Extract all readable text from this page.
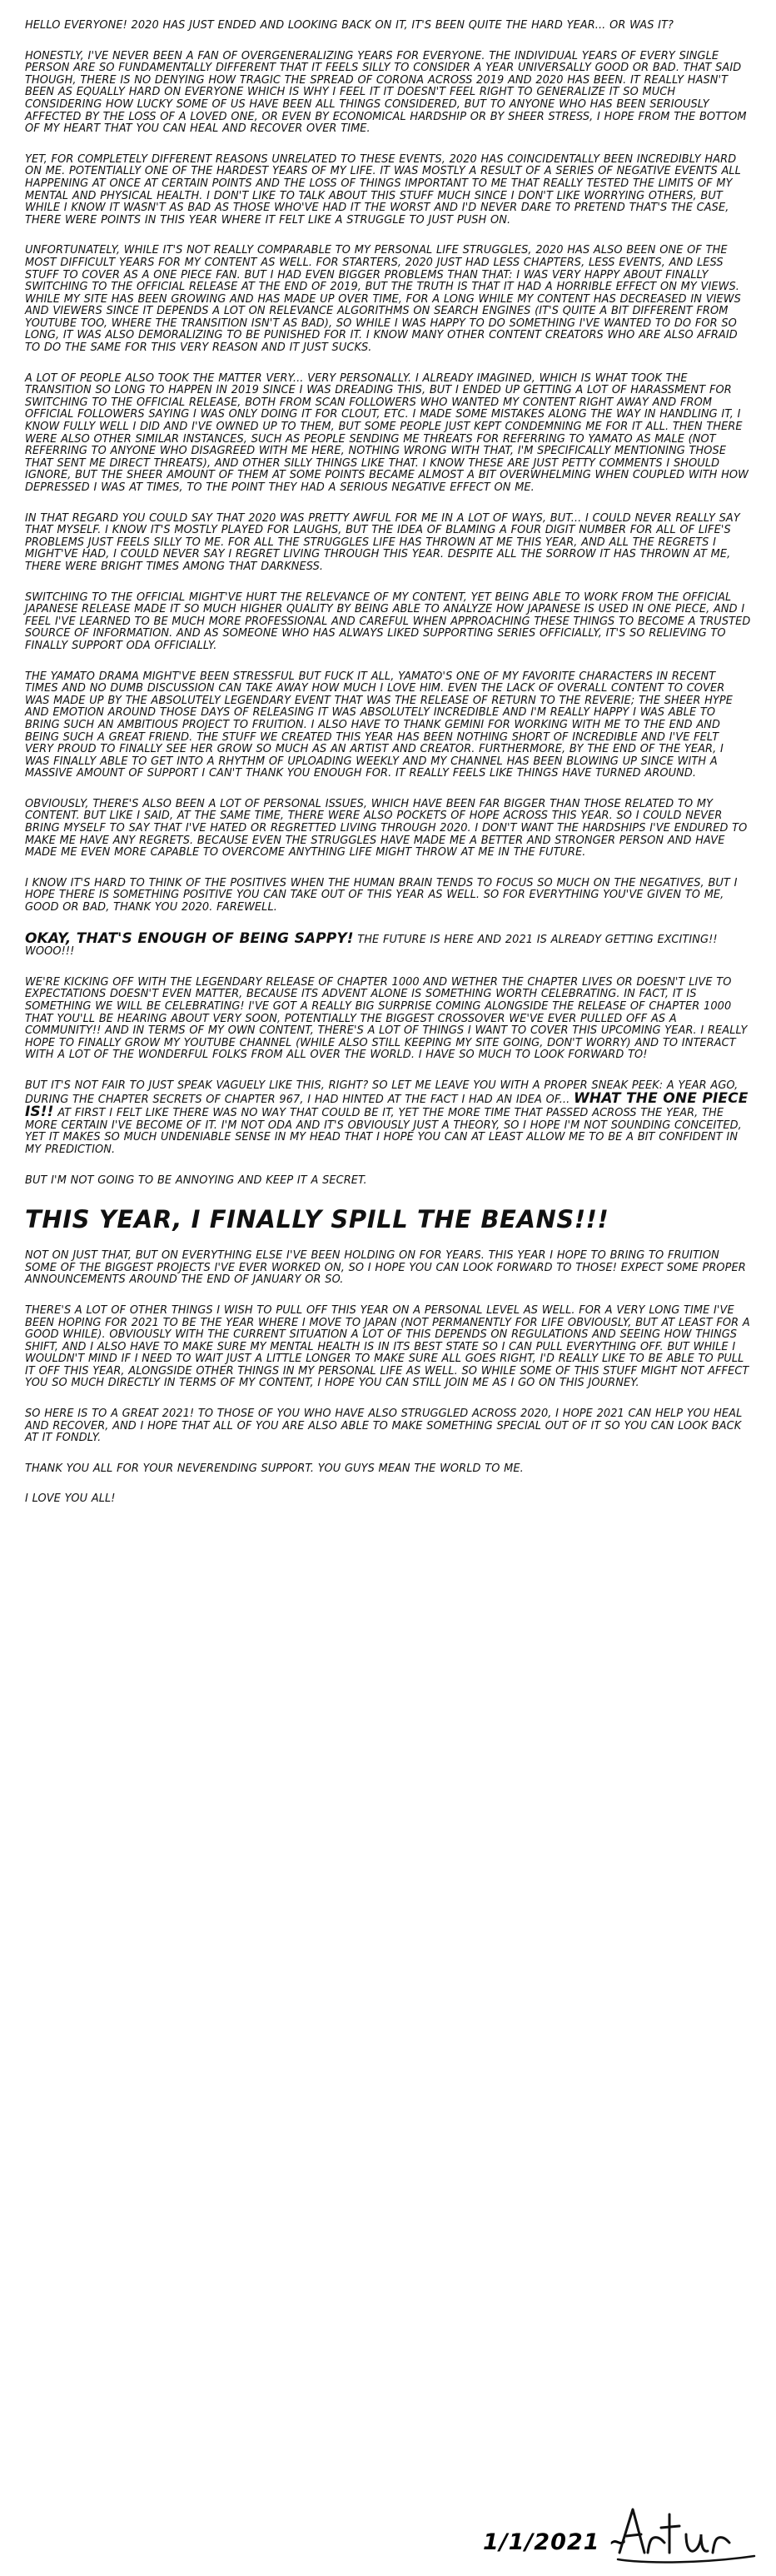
HELLO EVERYONE! 2020 HAS JUST ENDED AND LOOKING BACK ON IT, IT'S BEEN QUITE THE HARD YEAR... OR WAS IT?

HONESTLY, I'VE NEVER BEEN A FAN OF OVERGENERALIZING YEARS FOR EVERYONE. THE INDIVIDUAL YEARS OF EVERY SINGLE PERSON ARE SO FUNDAMENTALLY DIFFERENT THAT IT FEELS SILLY TO CONSIDER A YEAR UNIVERSALLY GOOD OR BAD. THAT SAID THOUGH, THERE IS NO DENYING HOW TRAGIC THE SPREAD OF CORONA ACROSS 2019 AND 2020 HAS BEEN. IT REALLY HASN'T BEEN AS EQUALLY HARD ON EVERYONE WHICH IS WHY I FEEL IT IT DOESN'T FEEL RIGHT TO GENERALIZE IT SO MUCH CONSIDERING HOW LUCKY SOME OF US HAVE BEEN ALL THINGS CONSIDERED, BUT TO ANYONE WHO HAS BEEN SERIOUSLY AFFECTED BY THE LOSS OF A LOVED ONE, OR EVEN BY ECONOMICAL HARDSHIP OR BY SHEER STRESS, I HOPE FROM THE BOTTOM OF MY HEART THAT YOU CAN HEAL AND RECOVER OVER TIME.

YET, FOR COMPLETELY DIFFERENT REASONS UNRELATED TO THESE EVENTS, 2020 HAS COINCIDENTALLY BEEN INCREDIBLY HARD ON ME. POTENTIALLY ONE OF THE HARDEST YEARS OF MY LIFE. IT WAS MOSTLY A RESULT OF A SERIES OF NEGATIVE EVENTS ALL HAPPENING AT ONCE AT CERTAIN POINTS AND THE LOSS OF THINGS IMPORTANT TO ME THAT REALLY TESTED THE LIMITS OF MY MENTAL AND PHYSICAL HEALTH. I DON'T LIKE TO TALK ABOUT THIS STUFF MUCH SINCE I DON'T LIKE WORRYING OTHERS, BUT WHILE I KNOW IT WASN'T AS BAD AS THOSE WHO'VE HAD IT THE WORST AND I'D NEVER DARE TO PRETEND THAT'S THE CASE, THERE WERE POINTS IN THIS YEAR WHERE IT FELT LIKE A STRUGGLE TO JUST PUSH ON.

UNFORTUNATELY, WHILE IT'S NOT REALLY COMPARABLE TO MY PERSONAL LIFE STRUGGLES, 2020 HAS ALSO BEEN ONE OF THE MOST DIFFICULT YEARS FOR MY CONTENT AS WELL. FOR STARTERS, 2020 JUST HAD LESS CHAPTERS, LESS EVENTS, AND LESS STUFF TO COVER AS A ONE PIECE FAN. BUT I HAD EVEN BIGGER PROBLEMS THAN THAT: I WAS VERY HAPPY ABOUT FINALLY SWITCHING TO THE OFFICIAL RELEASE AT THE END OF 2019, BUT THE TRUTH IS THAT IT HAD A HORRIBLE EFFECT ON MY VIEWS. WHILE MY SITE HAS BEEN GROWING AND HAS MADE UP OVER TIME, FOR A LONG WHILE MY CONTENT HAS DECREASED IN VIEWS AND VIEWERS SINCE IT DEPENDS A LOT ON RELEVANCE ALGORITHMS ON SEARCH ENGINES (IT'S QUITE A BIT DIFFERENT FROM YOUTUBE TOO, WHERE THE TRANSITION ISN'T AS BAD), SO WHILE I WAS HAPPY TO DO SOMETHING I'VE WANTED TO DO FOR SO LONG, IT WAS ALSO DEMORALIZING TO BE PUNISHED FOR IT. I KNOW MANY OTHER CONTENT CREATORS WHO ARE ALSO AFRAID TO DO THE SAME FOR THIS VERY REASON AND IT JUST SUCKS.

A LOT OF PEOPLE ALSO TOOK THE MATTER VERY... VERY PERSONALLY. I ALREADY IMAGINED, WHICH IS WHAT TOOK THE TRANSITION SO LONG TO HAPPEN IN 2019 SINCE I WAS DREADING THIS, BUT I ENDED UP GETTING A LOT OF HARASSMENT FOR SWITCHING TO THE OFFICIAL RELEASE, BOTH FROM SCAN FOLLOWERS WHO WANTED MY CONTENT RIGHT AWAY AND FROM OFFICIAL FOLLOWERS SAYING I WAS ONLY DOING IT FOR CLOUT, ETC. I MADE SOME MISTAKES ALONG THE WAY IN HANDLING IT, I KNOW FULLY WELL I DID AND I'VE OWNED UP TO THEM, BUT SOME PEOPLE JUST KEPT CONDEMNING ME FOR IT ALL. THEN THERE WERE ALSO OTHER SIMILAR INSTANCES, SUCH AS PEOPLE SENDING ME THREATS FOR REFERRING TO YAMATO AS MALE (NOT REFERRING TO ANYONE WHO DISAGREED WITH ME HERE, NOTHING WRONG WITH THAT, I'M SPECIFICALLY MENTIONING THOSE THAT SENT ME DIRECT THREATS), AND OTHER SILLY THINGS LIKE THAT. I KNOW THESE ARE JUST PETTY COMMENTS I SHOULD IGNORE, BUT THE SHEER AMOUNT OF THEM AT SOME POINTS BECAME ALMOST A BIT OVERWHELMING WHEN COUPLED WITH HOW DEPRESSED I WAS AT TIMES, TO THE POINT THEY HAD A SERIOUS NEGATIVE EFFECT ON ME.

IN THAT REGARD YOU COULD SAY THAT 2020 WAS PRETTY AWFUL FOR ME IN A LOT OF WAYS, BUT... I COULD NEVER REALLY SAY THAT MYSELF. I KNOW IT'S MOSTLY PLAYED FOR LAUGHS, BUT THE IDEA OF BLAMING A FOUR DIGIT NUMBER FOR ALL OF LIFE'S PROBLEMS JUST FEELS SILLY TO ME. FOR ALL THE STRUGGLES LIFE HAS THROWN AT ME THIS YEAR, AND ALL THE REGRETS I MIGHT'VE HAD, I COULD NEVER SAY I REGRET LIVING THROUGH THIS YEAR. DESPITE ALL THE SORROW IT HAS THROWN AT ME, THERE WERE BRIGHT TIMES AMONG THAT DARKNESS.

SWITCHING TO THE OFFICIAL MIGHT'VE HURT THE RELEVANCE OF MY CONTENT, YET BEING ABLE TO WORK FROM THE OFFICIAL JAPANESE RELEASE MADE IT SO MUCH HIGHER QUALITY BY BEING ABLE TO ANALYZE HOW JAPANESE IS USED IN ONE PIECE, AND I FEEL I'VE LEARNED TO BE MUCH MORE PROFESSIONAL AND CAREFUL WHEN APPROACHING THESE THINGS TO BECOME A TRUSTED SOURCE OF INFORMATION. AND AS SOMEONE WHO HAS ALWAYS LIKED SUPPORTING SERIES OFFICIALLY, IT'S SO RELIEVING TO FINALLY SUPPORT ODA OFFICIALLY.

THE YAMATO DRAMA MIGHT'VE BEEN STRESSFUL BUT FUCK IT ALL, YAMATO'S ONE OF MY FAVORITE CHARACTERS IN RECENT TIMES AND NO DUMB DISCUSSION CAN TAKE AWAY HOW MUCH I LOVE HIM. EVEN THE LACK OF OVERALL CONTENT TO COVER WAS MADE UP BY THE ABSOLUTELY LEGENDARY EVENT THAT WAS THE RELEASE OF RETURN TO THE REVERIE; THE SHEER HYPE AND EMOTION AROUND THOSE DAYS OF RELEASING IT WAS ABSOLUTELY INCREDIBLE AND I'M REALLY HAPPY I WAS ABLE TO BRING SUCH AN AMBITIOUS PROJECT TO FRUITION. I ALSO HAVE TO THANK GEMINI FOR WORKING WITH ME TO THE END AND BEING SUCH A GREAT FRIEND. THE STUFF WE CREATED THIS YEAR HAS BEEN NOTHING SHORT OF INCREDIBLE AND I'VE FELT VERY PROUD TO FINALLY SEE HER GROW SO MUCH AS AN ARTIST AND CREATOR. FURTHERMORE, BY THE END OF THE YEAR, I WAS FINALLY ABLE TO GET INTO A RHYTHM OF UPLOADING WEEKLY AND MY CHANNEL HAS BEEN BLOWING UP SINCE WITH A MASSIVE AMOUNT OF SUPPORT I CAN'T THANK YOU ENOUGH FOR. IT REALLY FEELS LIKE THINGS HAVE TURNED AROUND.

OBVIOUSLY, THERE'S ALSO BEEN A LOT OF PERSONAL ISSUES, WHICH HAVE BEEN FAR BIGGER THAN THOSE RELATED TO MY CONTENT. BUT LIKE I SAID, AT THE SAME TIME, THERE WERE ALSO POCKETS OF HOPE ACROSS THIS YEAR. SO I COULD NEVER BRING MYSELF TO SAY THAT I'VE HATED OR REGRETTED LIVING THROUGH 2020. I DON'T WANT THE HARDSHIPS I'VE ENDURED TO MAKE ME HAVE ANY REGRETS. BECAUSE EVEN THE STRUGGLES HAVE MADE ME A BETTER AND STRONGER PERSON AND HAVE MADE ME EVEN MORE CAPABLE TO OVERCOME ANYTHING LIFE MIGHT THROW AT ME IN THE FUTURE.

I KNOW IT'S HARD TO THINK OF THE POSITIVES WHEN THE HUMAN BRAIN TENDS TO FOCUS SO MUCH ON THE NEGATIVES, BUT I HOPE THERE IS SOMETHING POSITIVE YOU CAN TAKE OUT OF THIS YEAR AS WELL. SO FOR EVERYTHING YOU'VE GIVEN TO ME, GOOD OR BAD, THANK YOU 2020. FAREWELL.

OKAY, THAT'S ENOUGH OF BEING SAPPY! THE FUTURE IS HERE AND 2021 IS ALREADY GETTING EXCITING!! WOOO!!!

WE'RE KICKING OFF WITH THE LEGENDARY RELEASE OF CHAPTER 1000 AND WETHER THE CHAPTER LIVES OR DOESN'T LIVE TO EXPECTATIONS DOESN'T EVEN MATTER, BECAUSE ITS ADVENT ALONE IS SOMETHING WORTH CELEBRATING. IN FACT, IT IS SOMETHING WE WILL BE CELEBRATING! I'VE GOT A REALLY BIG SURPRISE COMING ALONGSIDE THE RELEASE OF CHAPTER 1000 THAT YOU'LL BE HEARING ABOUT VERY SOON, POTENTIALLY THE BIGGEST CROSSOVER WE'VE EVER PULLED OFF AS A COMMUNITY!! AND IN TERMS OF MY OWN CONTENT, THERE'S A LOT OF THINGS I WANT TO COVER THIS UPCOMING YEAR. I REALLY HOPE TO FINALLY GROW MY YOUTUBE CHANNEL (WHILE ALSO STILL KEEPING MY SITE GOING, DON'T WORRY) AND TO INTERACT WITH A LOT OF THE WONDERFUL FOLKS FROM ALL OVER THE WORLD. I HAVE SO MUCH TO LOOK FORWARD TO!

BUT IT'S NOT FAIR TO JUST SPEAK VAGUELY LIKE THIS, RIGHT? SO LET ME LEAVE YOU WITH A PROPER SNEAK PEEK: A YEAR AGO, DURING THE CHAPTER SECRETS OF CHAPTER 967, I HAD HINTED AT THE FACT I HAD AN IDEA OF... WHAT THE ONE PIECE IS!! AT FIRST I FELT LIKE THERE WAS NO WAY THAT COULD BE IT, YET THE MORE TIME THAT PASSED ACROSS THE YEAR, THE MORE CERTAIN I'VE BECOME OF IT. I'M NOT ODA AND IT'S OBVIOUSLY JUST A THEORY, SO I HOPE I'M NOT SOUNDING CONCEITED, YET IT MAKES SO MUCH UNDENIABLE SENSE IN MY HEAD THAT I HOPE YOU CAN AT LEAST ALLOW ME TO BE A BIT CONFIDENT IN MY PREDICTION.

BUT I'M NOT GOING TO BE ANNOYING AND KEEP IT A SECRET.

THIS YEAR, I FINALLY SPILL THE BEANS!!!

NOT ON JUST THAT, BUT ON EVERYTHING ELSE I'VE BEEN HOLDING ON FOR YEARS. THIS YEAR I HOPE TO BRING TO FRUITION SOME OF THE BIGGEST PROJECTS I'VE EVER WORKED ON, SO I HOPE YOU CAN LOOK FORWARD TO THOSE! EXPECT SOME PROPER ANNOUNCEMENTS AROUND THE END OF JANUARY OR SO.

THERE'S A LOT OF OTHER THINGS I WISH TO PULL OFF THIS YEAR ON A PERSONAL LEVEL AS WELL. FOR A VERY LONG TIME I'VE BEEN HOPING FOR 2021 TO BE THE YEAR WHERE I MOVE TO JAPAN (NOT PERMANENTLY FOR LIFE OBVIOUSLY, BUT AT LEAST FOR A GOOD WHILE). OBVIOUSLY WITH THE CURRENT SITUATION A LOT OF THIS DEPENDS ON REGULATIONS AND SEEING HOW THINGS SHIFT, AND I ALSO HAVE TO MAKE SURE MY MENTAL HEALTH IS IN ITS BEST STATE SO I CAN PULL EVERYTHING OFF. BUT WHILE I WOULDN'T MIND IF I NEED TO WAIT JUST A LITTLE LONGER TO MAKE SURE ALL GOES RIGHT, I'D REALLY LIKE TO BE ABLE TO PULL IT OFF THIS YEAR, ALONGSIDE OTHER THINGS IN MY PERSONAL LIFE AS WELL. SO WHILE SOME OF THIS STUFF MIGHT NOT AFFECT YOU SO MUCH DIRECTLY IN TERMS OF MY CONTENT, I HOPE YOU CAN STILL JOIN ME AS I GO ON THIS JOURNEY.

SO HERE IS TO A GREAT 2021! TO THOSE OF YOU WHO HAVE ALSO STRUGGLED ACROSS 2020, I HOPE 2021 CAN HELP YOU HEAL AND RECOVER, AND I HOPE THAT ALL OF YOU ARE ALSO ABLE TO MAKE SOMETHING SPECIAL OUT OF IT SO YOU CAN LOOK BACK AT IT FONDLY.

THANK YOU ALL FOR YOUR NEVERENDING SUPPORT. YOU GUYS MEAN THE WORLD TO ME.

I LOVE YOU ALL!

1/1/2021 ~
